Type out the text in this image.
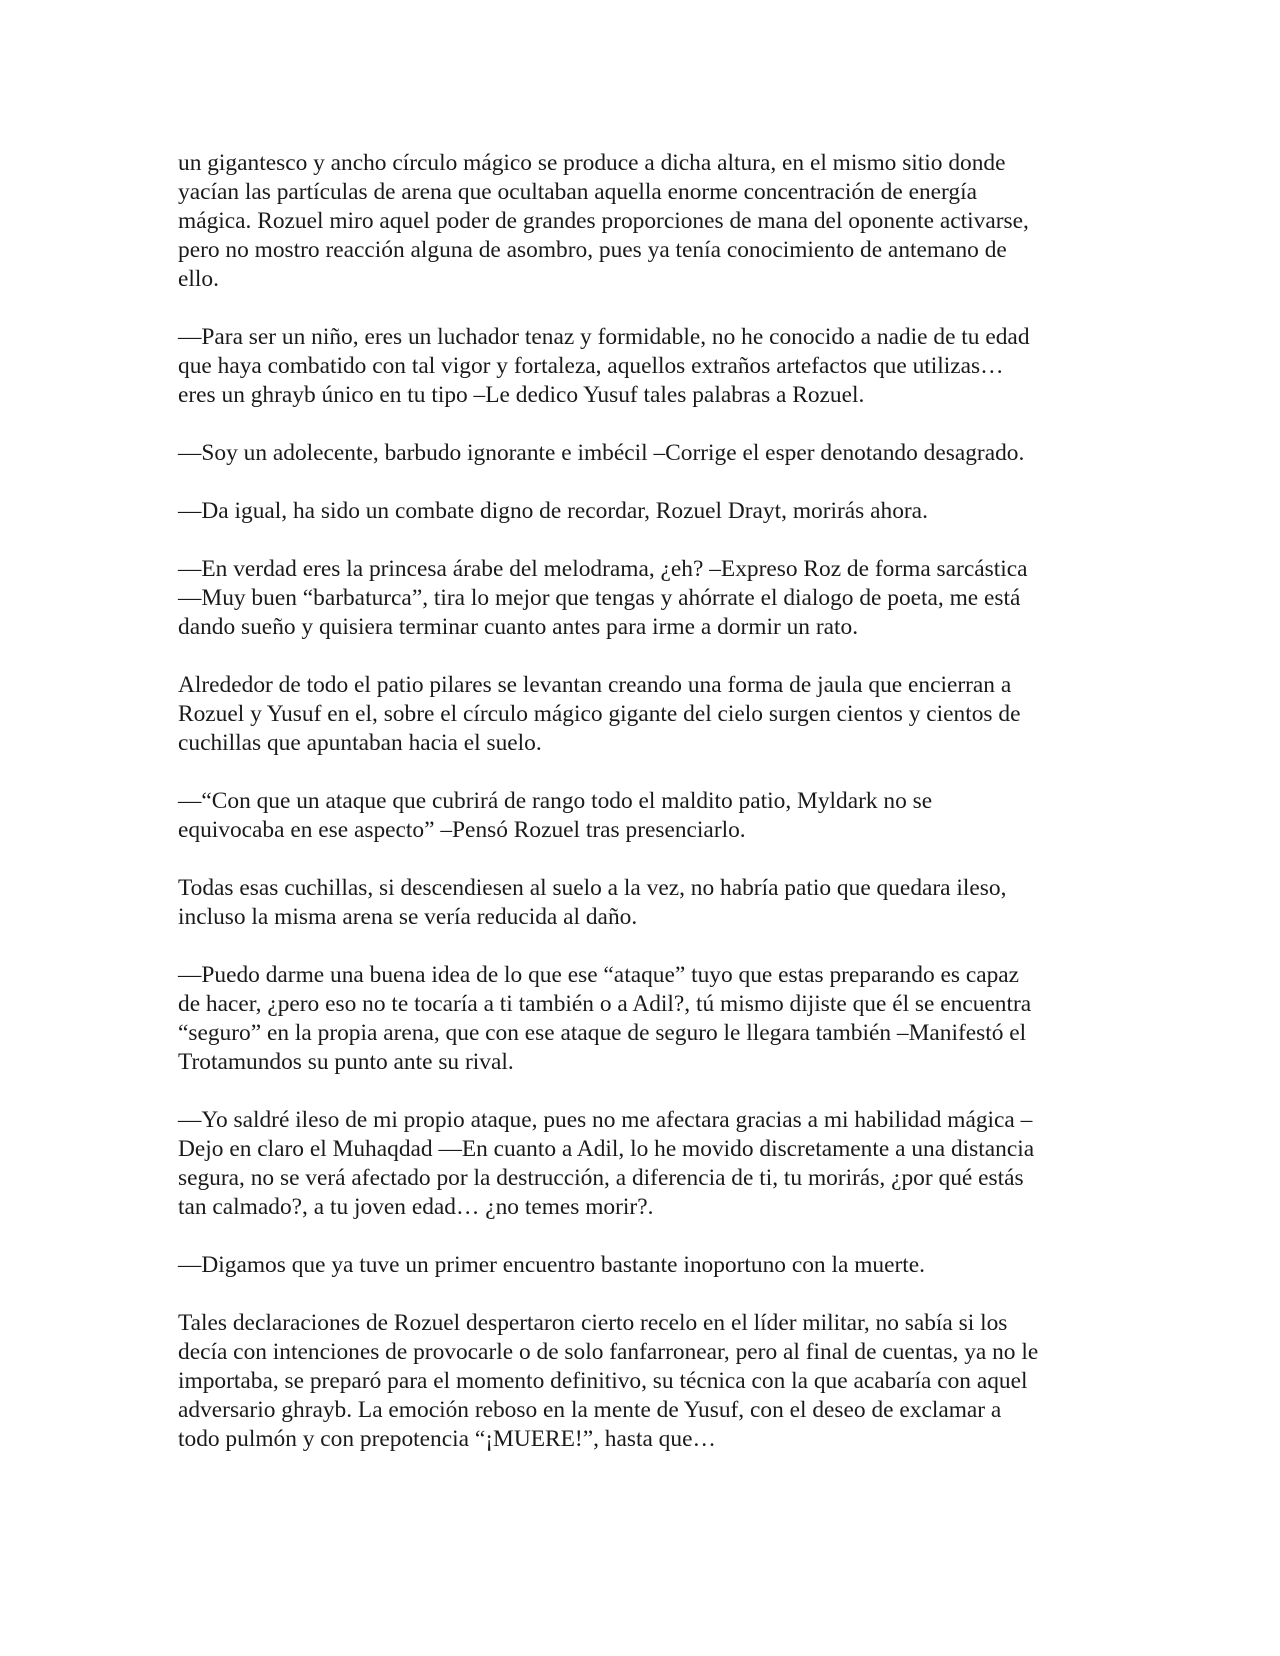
un gigantesco y ancho círculo mágico se produce a dicha altura, en el mismo sitio donde
yacían las partículas de arena que ocultaban aquella enorme concentración de energía
mágica. Rozuel miro aquel poder de grandes proporciones de mana del oponente activarse,
pero no mostro reacción alguna de asombro, pues ya tenía conocimiento de antemano de
ello.

—Para ser un niño, eres un luchador tenaz y formidable, no he conocido a nadie de tu edad
que haya combatido con tal vigor y fortaleza, aquellos extraños artefactos que utilizas…
eres un ghrayb único en tu tipo –Le dedico Yusuf tales palabras a Rozuel.

—Soy un adolecente, barbudo ignorante e imbécil –Corrige el esper denotando desagrado.

—Da igual, ha sido un combate digno de recordar, Rozuel Drayt, morirás ahora.

—En verdad eres la princesa árabe del melodrama, ¿eh? –Expreso Roz de forma sarcástica
—Muy buen “barbaturca”, tira lo mejor que tengas y ahórrate el dialogo de poeta, me está
dando sueño y quisiera terminar cuanto antes para irme a dormir un rato.

Alrededor de todo el patio pilares se levantan creando una forma de jaula que encierran a
Rozuel y Yusuf en el, sobre el círculo mágico gigante del cielo surgen cientos y cientos de
cuchillas que apuntaban hacia el suelo.

—“Con que un ataque que cubrirá de rango todo el maldito patio, Myldark no se
equivocaba en ese aspecto” –Pensó Rozuel tras presenciarlo.

Todas esas cuchillas, si descendiesen al suelo a la vez, no habría patio que quedara ileso,
incluso la misma arena se vería reducida al daño.

—Puedo darme una buena idea de lo que ese “ataque” tuyo que estas preparando es capaz
de hacer, ¿pero eso no te tocaría a ti también o a Adil?, tú mismo dijiste que él se encuentra
“seguro” en la propia arena, que con ese ataque de seguro le llegara también –Manifestó el
Trotamundos su punto ante su rival.

—Yo saldré ileso de mi propio ataque, pues no me afectara gracias a mi habilidad mágica –
Dejo en claro el Muhaqdad —En cuanto a Adil, lo he movido discretamente a una distancia
segura, no se verá afectado por la destrucción, a diferencia de ti, tu morirás, ¿por qué estás
tan calmado?, a tu joven edad… ¿no temes morir?.

—Digamos que ya tuve un primer encuentro bastante inoportuno con la muerte.

Tales declaraciones de Rozuel despertaron cierto recelo en el líder militar, no sabía si los
decía con intenciones de provocarle o de solo fanfarronear, pero al final de cuentas, ya no le
importaba, se preparó para el momento definitivo, su técnica con la que acabaría con aquel
adversario ghrayb. La emoción reboso en la mente de Yusuf, con el deseo de exclamar a
todo pulmón y con prepotencia “¡MUERE!”, hasta que…
